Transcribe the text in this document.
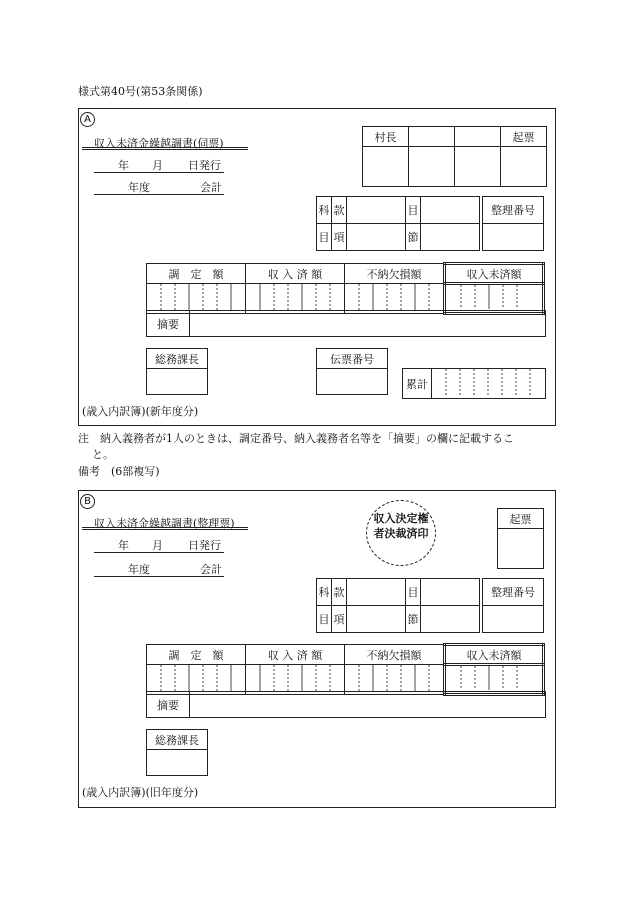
様式第40号(第53条関係)
A
収入未済金繰越調書(伺票)
年 月 日発行
年度	会計
村長			起票

科	款		目	
目	項		節	
整理番号

調　定　額	収 入 済 額	不納欠損額	収入未済額

摘要	
総務課長	伝票番号

累計	
(歳入内訳簿)(新年度分)
注　納入義務者が1人のときは、調定番号、納入義務者名等を「摘要」の欄に記載するこ
と。
備考　(6部複写)
B
収入未済金繰越調書(整理票)
年 月 日発行
年度	会計
収入決定権
者決裁済印
起票

科	款		目	
目	項		節	
整理番号

調　定　額	収 入 済 額	不納欠損額	収入未済額

摘要	
総務課長

(歳入内訳簿)(旧年度分)
